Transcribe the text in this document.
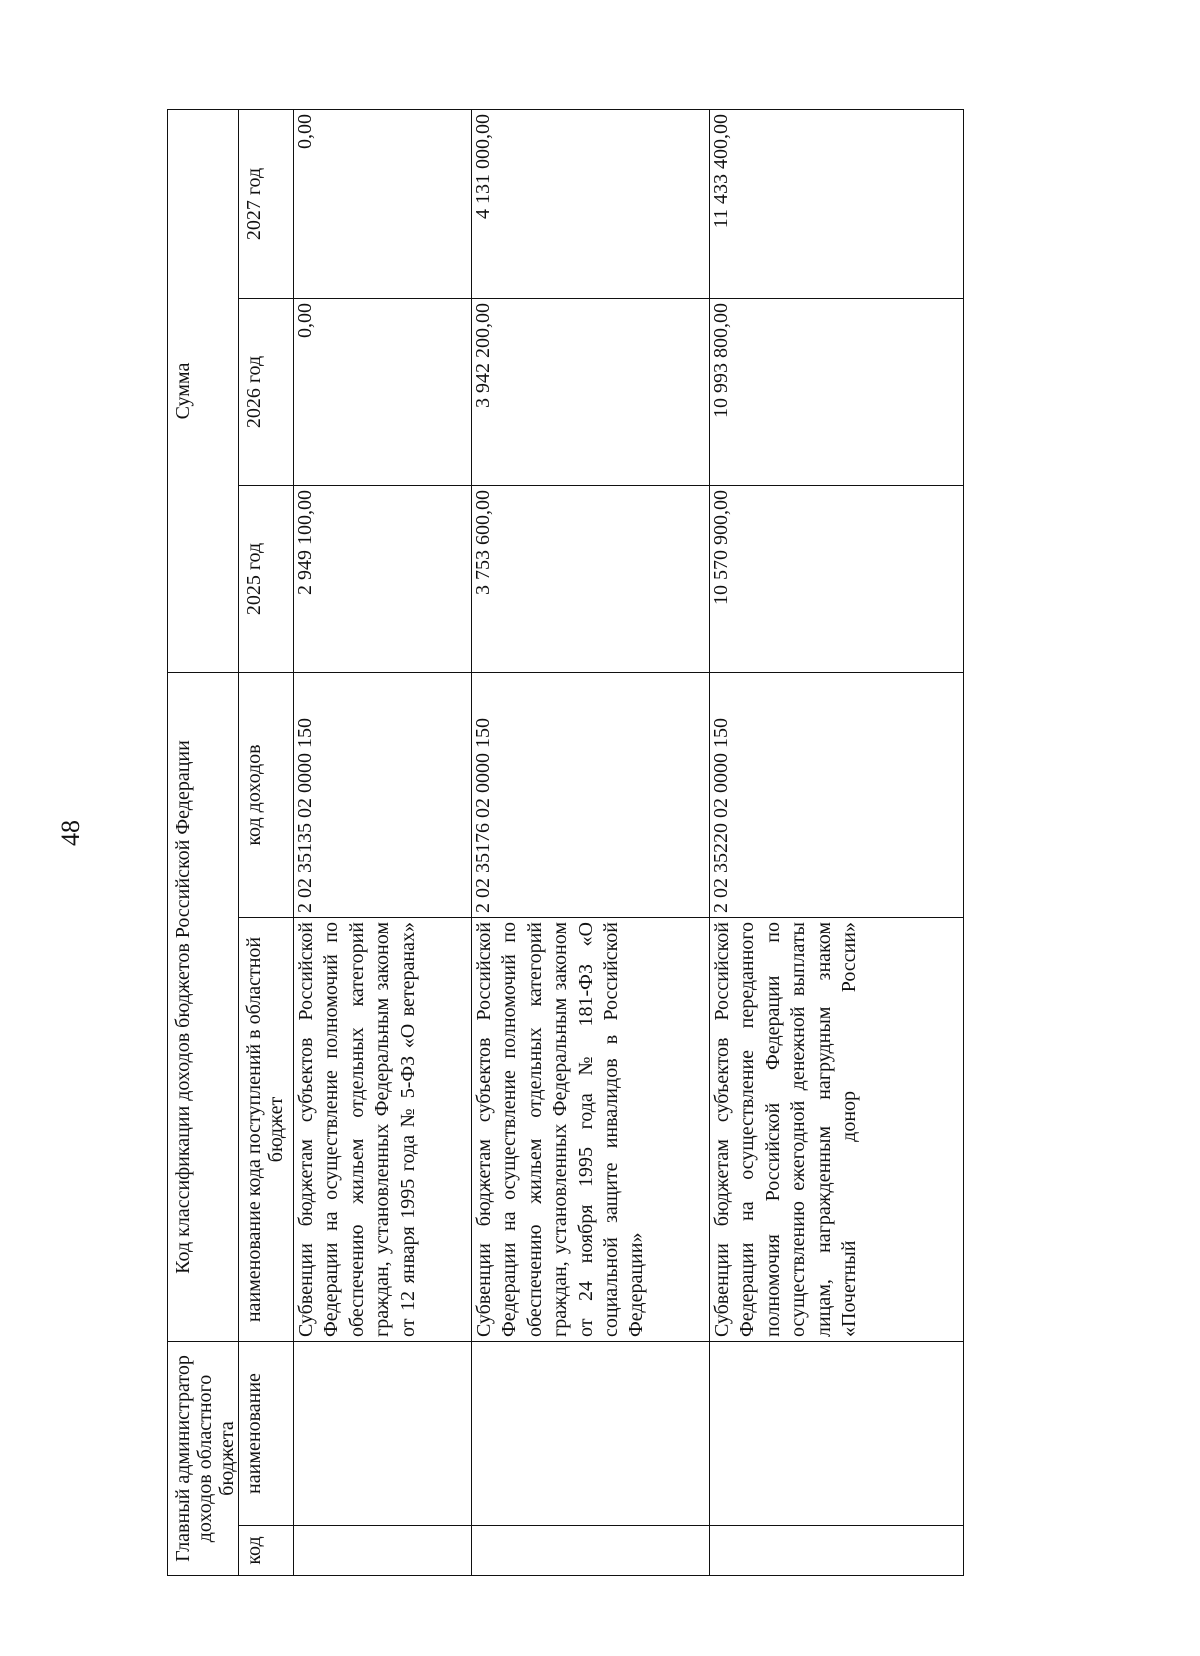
48
Главный администратор доходов областного бюджета		Код классификации доходов бюджетов Российской Федерации		Сумма		
код	наименование	наименование кода поступлений в областной бюджет	код доходов	2025 год	2026 год	2027 год
		Субвенции бюджетам субъектов Российской Федерации на осуществление полномочий по обеспечению жильем отдельных категорий граждан, установленных Федеральным законом от 12 января 1995 года № 5-ФЗ «О ветеранах»	2 02 35135 02 0000 150	2 949 100,00	0,00	0,00
		Субвенции бюджетам субъектов Российской Федерации на осуществление полномочий по обеспечению жильем отдельных категорий граждан, установленных Федеральным законом от 24 ноября 1995 года № 181-ФЗ «О социальной защите инвалидов в Российской Федерации»	2 02 35176 02 0000 150	3 753 600,00	3 942 200,00	4 131 000,00
		Субвенции бюджетам субъектов Российской Федерации на осуществление переданного полномочия Российской Федерации по осуществлению ежегодной денежной выплаты лицам, награжденным нагрудным знаком «Почетный донор России»	2 02 35220 02 0000 150	10 570 900,00	10 993 800,00	11 433 400,00
